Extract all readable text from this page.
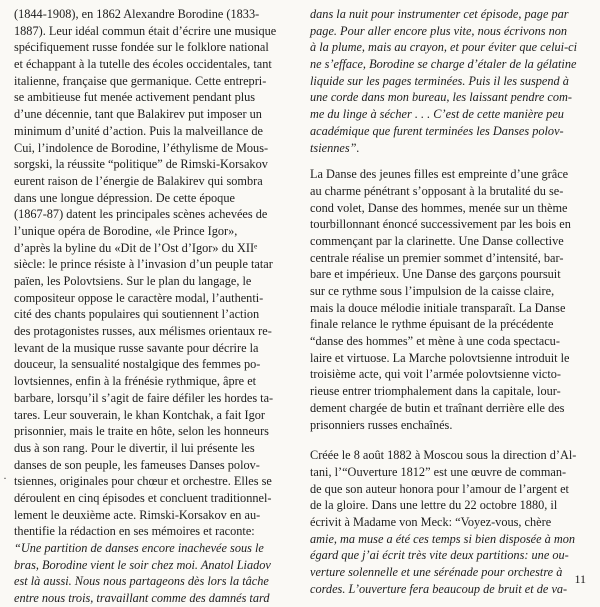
(1844-1908), en 1862 Alexandre Borodine (1833-
1887). Leur idéal commun était d’écrire une musique
spécifiquement russe fondée sur le folklore national
et échappant à la tutelle des écoles occidentales, tant
italienne, française que germanique. Cette entrepri-
se ambitieuse fut menée activement pendant plus
d’une décennie, tant que Balakirev put imposer un
minimum d’unité d’action. Puis la malveillance de
Cui, l’indolence de Borodine, l’éthylisme de Mous-
sorgski, la réussite “politique” de Rimski-Korsakov
eurent raison de l’énergie de Balakirev qui sombra
dans une longue dépression. De cette époque
(1867-87) datent les principales scènes achevées de
l’unique opéra de Borodine, «le Prince Igor»,
d’après la byline du «Dit de l’Ost d’Igor» du XIIᵉ
siècle: le prince résiste à l’invasion d’un peuple tatar
païen, les Polovtsiens. Sur le plan du langage, le
compositeur oppose le caractère modal, l’authenti-
cité des chants populaires qui soutiennent l’action
des protagonistes russes, aux mélismes orientaux re-
levant de la musique russe savante pour décrire la
douceur, la sensualité nostalgique des femmes po-
lovtsiennes, enfin à la frénésie rythmique, âpre et
barbare, lorsqu’il s’agit de faire défiler les hordes ta-
tares. Leur souverain, le khan Kontchak, a fait Igor
prisonnier, mais le traite en hôte, selon les honneurs
dus à son rang. Pour le divertir, il lui présente les
danses de son peuple, les fameuses Danses polov-
tsiennes, originales pour chœur et orchestre. Elles se
déroulent en cinq épisodes et concluent traditionnel-
lement le deuxième acte. Rimski-Korsakov en au-
thentifie la rédaction en ses mémoires et raconte:
“Une partition de danses encore inachevée sous le
bras, Borodine vient le soir chez moi. Anatol Liadov
est là aussi. Nous nous partageons dès lors la tâche
entre nous trois, travaillant comme des damnés tard
dans la nuit pour instrumenter cet épisode, page par
page. Pour aller encore plus vite, nous écrivons non
à la plume, mais au crayon, et pour éviter que celui-ci
ne s’efface, Borodine se charge d’étaler de la gélatine
liquide sur les pages terminées. Puis il les suspend à
une corde dans mon bureau, les laissant pendre com-
me du linge à sécher . . . C’est de cette manière peu
académique que furent terminées les Danses polov-
tsiennes”.
La Danse des jeunes filles est empreinte d’une grâce
au charme pénétrant s’opposant à la brutalité du se-
cond volet, Danse des hommes, menée sur un thème
tourbillonnant énoncé successivement par les bois en
commençant par la clarinette. Une Danse collective
centrale réalise un premier sommet d’intensité, bar-
bare et impérieux. Une Danse des garçons poursuit
sur ce rythme sous l’impulsion de la caisse claire,
mais la douce mélodie initiale transparaît. La Danse
finale relance le rythme épuisant de la précédente
“danse des hommes” et mène à une coda spectacu-
laire et virtuose. La Marche polovtsienne introduit le
troisième acte, qui voit l’armée polovtsienne victo-
rieuse entrer triomphalement dans la capitale, lour-
dement chargée de butin et traînant derrière elle des
prisonniers russes enchaînés.
Créée le 8 août 1882 à Moscou sous la direction d’Al-
tani, l’“Ouverture 1812” est une œuvre de comman-
de que son auteur honora pour l’amour de l’argent et
de la gloire. Dans une lettre du 22 octobre 1880, il
écrivit à Madame von Meck: “Voyez-vous, chère
amie, ma muse a été ces temps si bien disposée à mon
égard que j’ai écrit très vite deux partitions: une ou-
verture solennelle et une sérénade pour orchestre à
cordes. L’ouverture fera beaucoup de bruit et de va-
·
11
